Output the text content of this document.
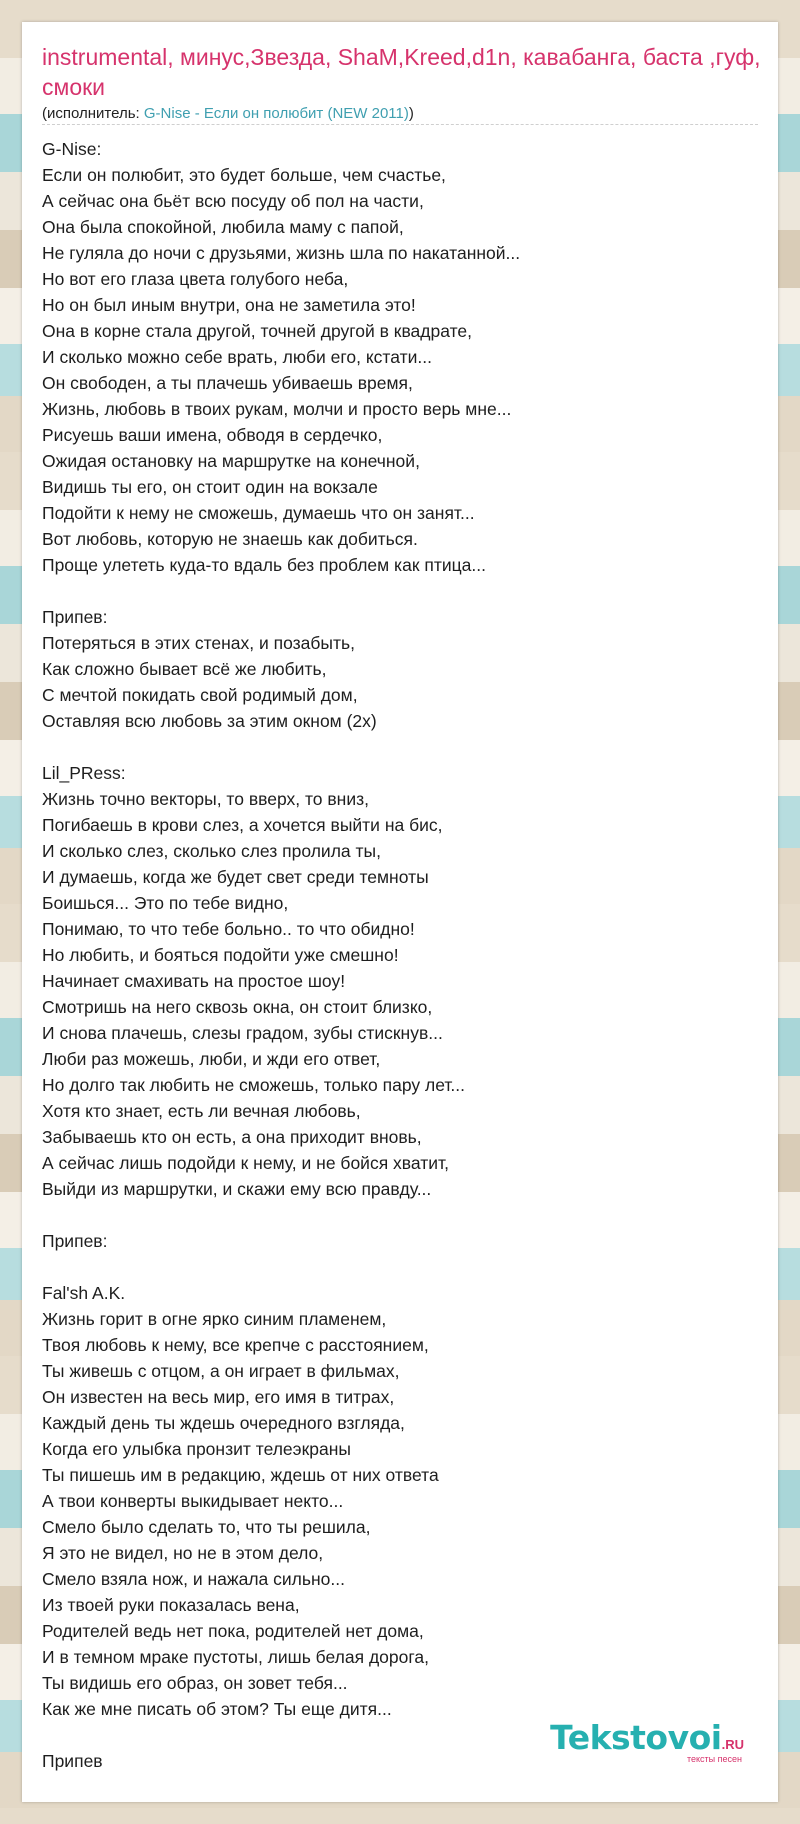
instrumental, минус,Звезда, ShaM,Kreed,d1n, кавабанга, баста ,гуф, смоки

(исполнитель: G-Nise - Если он полюбит (NEW 2011))

G-Nise:
Если он полюбит, это будет больше, чем счастье,
А сейчас она бьёт всю посуду об пол на части,
Она была спокойной, любила маму с папой,
Не гуляла до ночи с друзьями, жизнь шла по накатанной...
Но вот его глаза цвета голубого неба,
Но он был иным внутри, она не заметила это!
Она в корне стала другой, точней другой в квадрате,
И сколько можно себе врать, люби его, кстати...
Он свободен, а ты плачешь убиваешь время,
Жизнь, любовь в твоих рукам, молчи и просто верь мне...
Рисуешь ваши имена, обводя в сердечко,
Ожидая остановку на маршрутке на конечной,
Видишь ты его, он стоит один на вокзале
Подойти к нему не сможешь, думаешь что он занят...
Вот любовь, которую не знаешь как добиться.
Проще улететь куда-то вдаль без проблем как птица...
Припев:
Потеряться в этих стенах, и позабыть,
Как сложно бывает всё же любить,
С мечтой покидать свой родимый дом,
Оставляя всю любовь за этим окном (2х)
Lil_PRess:
Жизнь точно векторы, то вверх, то вниз,
Погибаешь в крови слез, а хочется выйти на бис,
И сколько слез, сколько слез пролила ты,
И думаешь, когда же будет свет среди темноты
Боишься... Это по тебе видно,
Понимаю, то что тебе больно.. то что обидно!
Но любить, и бояться подойти уже смешно!
Начинает смахивать на простое шоу!
Смотришь на него сквозь окна, он стоит близко,
И снова плачешь, слезы градом, зубы стискнув...
Люби раз можешь, люби, и жди его ответ,
Но долго так любить не сможешь, только пару лет...
Хотя кто знает, есть ли вечная любовь,
Забываешь кто он есть, а она приходит вновь,
А сейчас лишь подойди к нему, и не бойся хватит,
Выйди из маршрутки, и скажи ему всю правду...
Припев:
Fal'sh A.K.
Жизнь горит в огне ярко синим пламенем,
Твоя любовь к нему, все крепче с расстоянием,
Ты живешь с отцом, а он играет в фильмах,
Он известен на весь мир, его имя в титрах,
Каждый день ты ждешь очередного взгляда,
Когда его улыбка пронзит телеэкраны
Ты пишешь им в редакцию, ждешь от них ответа
А твои конверты выкидывает некто...
Смело было сделать то, что ты решила,
Я это не видел, но не в этом дело,
Смело взяла нож, и нажала сильно...
Из твоей руки показалась вена,
Родителей ведь нет пока, родителей нет дома,
И в темном мраке пустоты, лишь белая дорога,
Ты видишь его образ, он зовет тебя...
Как же мне писать об этом? Ты еще дитя...
Припев
Tekstovoi.RU
тексты песен
